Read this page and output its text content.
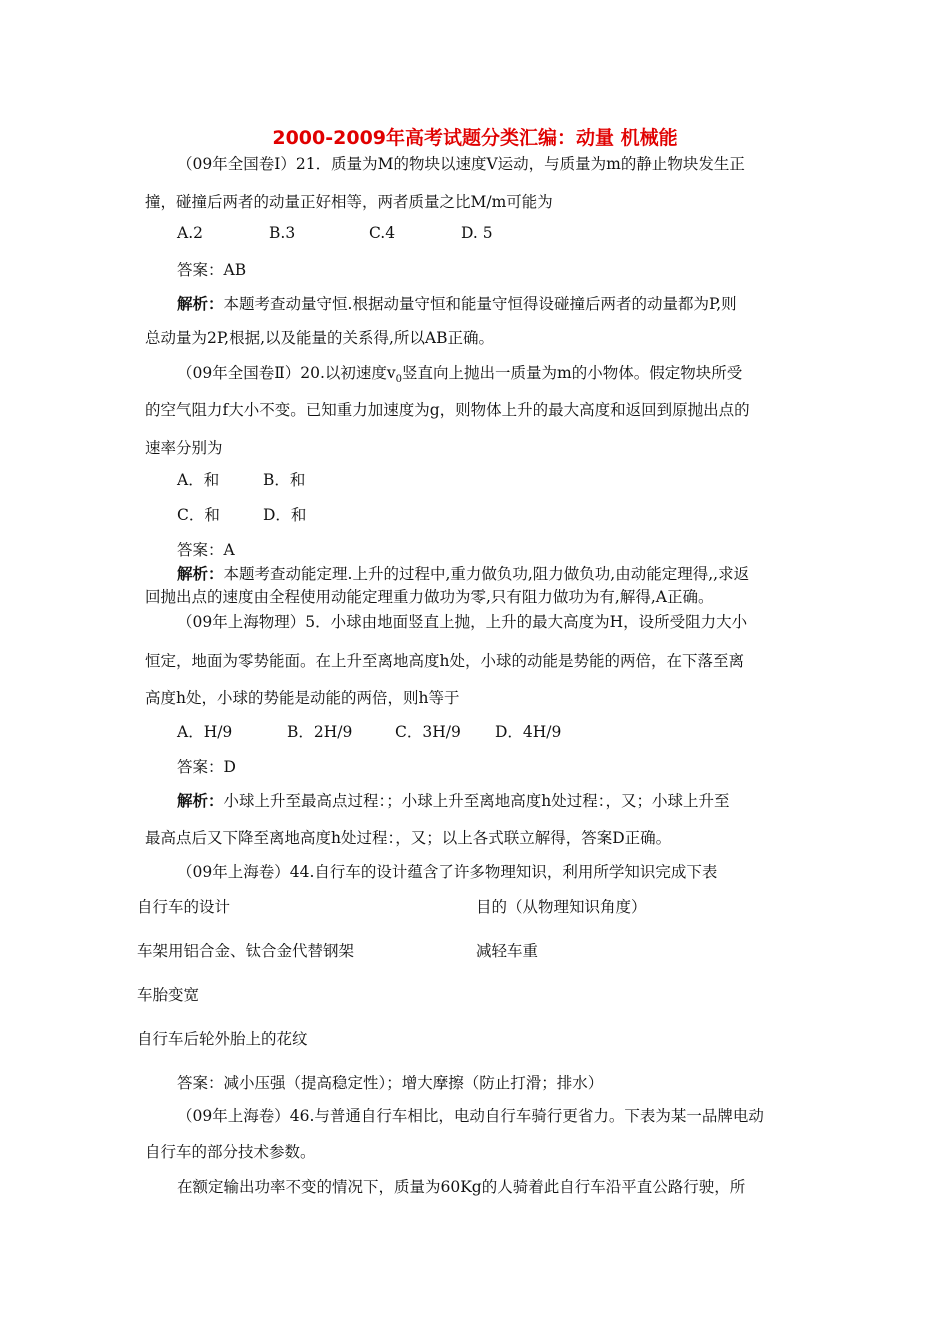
2000-2009年高考试题分类汇编：动量 机械能
（09年全国卷Ⅰ）21．质量为M的物块以速度V运动，与质量为m的静止物块发生正
撞，碰撞后两者的动量正好相等，两者质量之比M/m可能为
A.2	B.3	C.4	D. 5
答案：AB
解析：本题考查动量守恒.根据动量守恒和能量守恒得设碰撞后两者的动量都为P,则
总动量为2P,根据,以及能量的关系得,所以AB正确。
（09年全国卷Ⅱ）20.以初速度$v_0$竖直向上抛出一质量为m的小物体。假定物块所受
的空气阻力f大小不变。已知重力加速度为g，则物体上升的最大高度和返回到原抛出点的
速率分别为
A．和	B．和
C．和	D．和
答案：A
解析：本题考查动能定理.上升的过程中,重力做负功,阻力做负功,由动能定理得,,求返
回抛出点的速度由全程使用动能定理重力做功为零,只有阻力做功为有,解得,A正确。
（09年上海物理）5．小球由地面竖直上抛，上升的最大高度为H，设所受阻力大小
恒定，地面为零势能面。在上升至离地高度h处，小球的动能是势能的两倍，在下落至离
高度h处，小球的势能是动能的两倍，则h等于
A．H/9	B．2H/9	C．3H/9 D．4H/9
答案：D
解析：小球上升至最高点过程：；小球上升至离地高度h处过程：，又；小球上升至
最高点后又下降至离地高度h处过程：，又；以上各式联立解得，答案D正确。
（09年上海卷）44.自行车的设计蕴含了许多物理知识，利用所学知识完成下表
自行车的设计	目的（从物理知识角度）
车架用铝合金、钛合金代替钢架	减轻车重
车胎变宽
自行车后轮外胎上的花纹
答案：减小压强（提高稳定性）；增大摩擦（防止打滑；排水）
（09年上海卷）46.与普通自行车相比，电动自行车骑行更省力。下表为某一品牌电动
自行车的部分技术参数。
在额定输出功率不变的情况下，质量为60Kg的人骑着此自行车沿平直公路行驶，所
